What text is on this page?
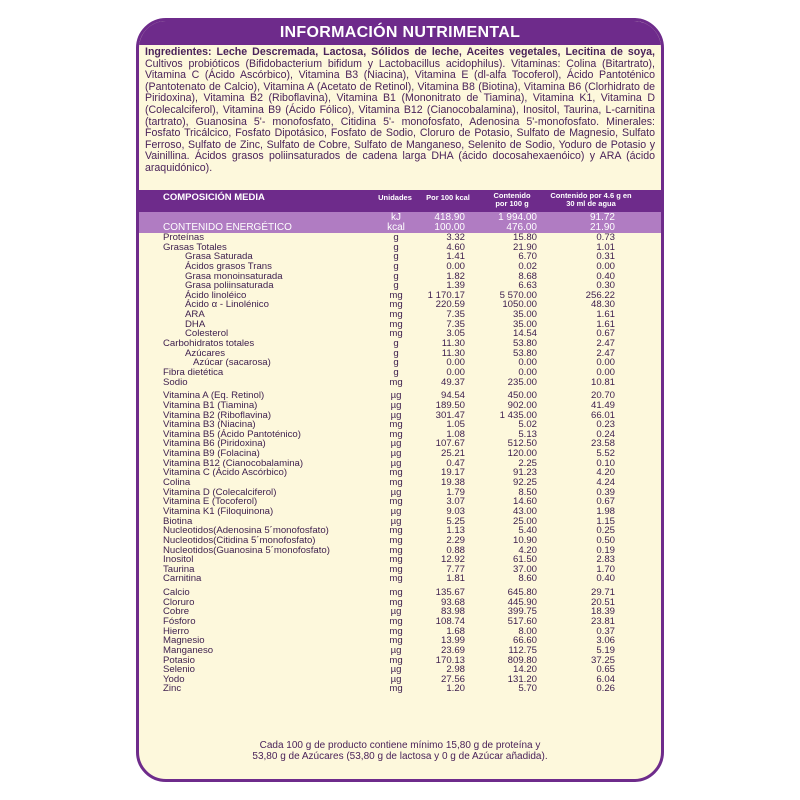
INFORMACIÓN NUTRIMENTAL
Ingredientes: Leche Descremada, Lactosa, Sólidos de leche, Aceites vegetales, Lecitina de soya, Cultivos probióticos (Bifidobacterium bifidum y Lactobacillus acidophilus). Vitaminas: Colina (Bitartrato), Vitamina C (Ácido Ascórbico), Vitamina B3 (Niacina), Vitamina E (dl-alfa Tocoferol), Ácido Pantoténico (Pantotenato de Calcio), Vitamina A (Acetato de Retinol), Vitamina B8 (Biotina), Vitamina B6 (Clorhidrato de Piridoxina), Vitamina B2 (Riboflavina), Vitamina B1 (Mononitrato de Tiamina), Vitamina K1, Vitamina D (Colecalciferol), Vitamina B9 (Ácido Fólico), Vitamina B12 (Cianocobalamina), Inositol, Taurina, L-carnitina (tartrato), Guanosina 5'- monofosfato, Citidina 5'- monofosfato, Adenosina 5'-monofosfato. Minerales: Fosfato Tricálcico, Fosfato Dipotásico, Fosfato de Sodio, Cloruro de Potasio, Sulfato de Magnesio, Sulfato Ferroso, Sulfato de Zinc, Sulfato de Cobre, Sulfato de Manganeso, Selenito de Sodio, Yoduro de Potasio y Vainillina. Ácidos grasos poliinsaturados de cadena larga DHA (ácido docosahexaenóico) y ARA (ácido araquidónico).
COMPOSICIÓN MEDIA	Unidades	Por 100 kcal	Contenido por 100 g
Contenido por 4.6 g en 30 ml de agua
kJ	418.90	1 994.00	91.72
CONTENIDO ENERGÉTICO	kcal	100.00	476.00	21.90
Proteínas	g	3.32	15.80	0.73
Grasas Totales	g	4.60	21.90	1.01
Grasa Saturada	g	1.41	6.70	0.31
Ácidos grasos Trans	g	0.00	0.02	0.00
Grasa monoinsaturada	g	1.82	8.68	0.40
Grasa poliinsaturada	g	1.39	6.63	0.30
Ácido linoléico	mg	1 170.17	5 570.00	256.22
Ácido α - Linolénico	mg	220.59	1050.00	48.30
ARA	mg	7.35	35.00	1.61
DHA	mg	7.35	35.00	1.61
Colesterol	mg	3.05	14.54	0.67
Carbohidratos totales	g	11.30	53.80	2.47
Azúcares	g	11.30	53.80	2.47
Azúcar (sacarosa)	g	0.00	0.00	0.00
Fibra dietética	g	0.00	0.00	0.00
Sodio	mg	49.37	235.00	10.81
Vitamina A (Eq. Retinol)	µg	94.54	450.00	20.70
Vitamina B1 (Tiamina)	µg	189.50	902.00	41.49
Vitamina B2 (Riboflavina)	µg	301.47	1 435.00	66.01
Vitamina B3 (Niacina)	mg	1.05	5.02	0.23
Vitamina B5 (Ácido Pantoténico)	mg	1.08	5.13	0.24
Vitamina B6 (Piridoxina)	µg	107.67	512.50	23.58
Vitamina B9 (Folacina)	µg	25.21	120.00	5.52
Vitamina B12 (Cianocobalamina)	µg	0.47	2.25	0.10
Vitamina C (Ácido Ascórbico)	mg	19.17	91.23	4.20
Colina	mg	19.38	92.25	4.24
Vitamina D (Colecalciferol)	µg	1.79	8.50	0.39
Vitamina E (Tocoferol)	mg	3.07	14.60	0.67
Vitamina K1 (Filoquinona)	µg	9.03	43.00	1.98
Biotina	µg	5.25	25.00	1.15
Nucleotidos(Adenosina 5´monofosfato)	mg	1.13	5.40	0.25
Nucleotidos(Citidina 5´monofosfato)	mg	2.29	10.90	0.50
Nucleotidos(Guanosina 5´monofosfato)	mg	0.88	4.20	0.19
Inositol	mg	12.92	61.50	2.83
Taurina	mg	7.77	37.00	1.70
Carnitina	mg	1.81	8.60	0.40
Calcio	mg	135.67	645.80	29.71
Cloruro	mg	93.68	445.90	20.51
Cobre	µg	83.98	399.75	18.39
Fósforo	mg	108.74	517.60	23.81
Hierro	mg	1.68	8.00	0.37
Magnesio	mg	13.99	66.60	3.06
Manganeso	µg	23.69	112.75	5.19
Potasio	mg	170.13	809.80	37.25
Selenio	µg	2.98	14.20	0.65
Yodo	µg	27.56	131.20	6.04
Zinc	mg	1.20	5.70	0.26
Cada 100 g de producto contiene mínimo 15,80 g de proteína y
53,80 g de Azúcares (53,80 g de lactosa y 0 g de Azúcar añadida).
